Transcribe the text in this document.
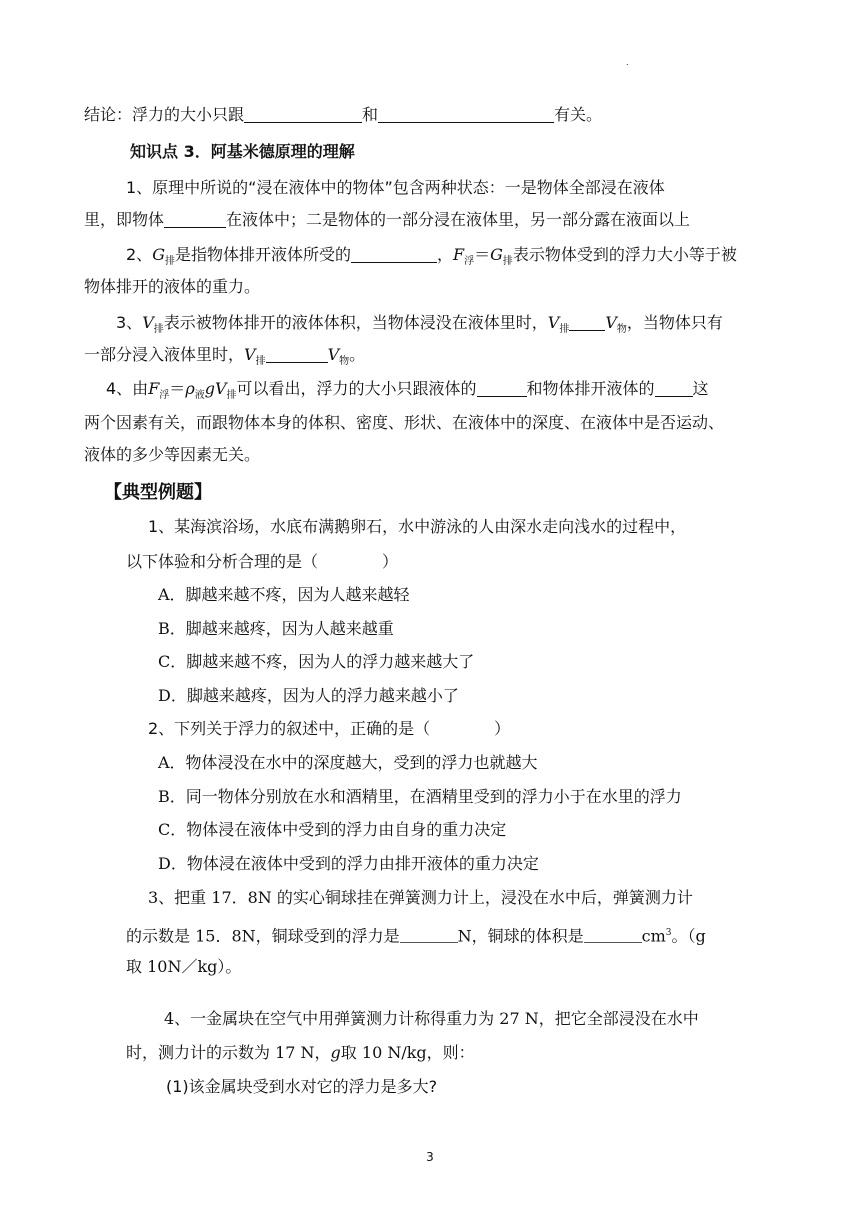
.
结论：浮力的大小只跟	和	有关。
知识点 3．阿基米德原理的理解
1、原理中所说的“浸在液体中的物体”包含两种状态：一是物体全部浸在液体
里，即物体	在液体中；二是物体的一部分浸在液体里，另一部分露在液面以上
2、$G_排$是指物体排开液体所受的	，$F_浮=G_排$表示物体受到的浮力大小等于被
物体排开的液体的重力。
3、$V_排$表示被物体排开的液体体积，当物体浸没在液体里时，$V_排$ $V_物$，当物体只有
一部分浸入液体里时，$V_排$	$V_物$。
4、由$F_浮=\rho_液gV_排$可以看出，浮力的大小只跟液体的	和物体排开液体的 这
两个因素有关，而跟物体本身的体积、密度、形状、在液体中的深度、在液体中是否运动、
液体的多少等因素无关。
【典型例题】
1、某海滨浴场，水底布满鹅卵石，水中游泳的人由深水走向浅水的过程中，
以下体验和分析合理的是（　　　　）
A．脚越来越不疼，因为人越来越轻
B．脚越来越疼，因为人越来越重
C．脚越来越不疼，因为人的浮力越来越大了
D．脚越来越疼，因为人的浮力越来越小了
2、下列关于浮力的叙述中，正确的是（　　　　）
A．物体浸没在水中的深度越大，受到的浮力也就越大
B．同一物体分别放在水和酒精里，在酒精里受到的浮力小于在水里的浮力
C．物体浸在液体中受到的浮力由自身的重力决定
D．物体浸在液体中受到的浮力由排开液体的重力决定
3、把重 17．8N 的实心铜球挂在弹簧测力计上，浸没在水中后，弹簧测力计
的示数是 15．8N，铜球受到的浮力是	N，铜球的体积是	$cm^3$。（g
取 10N／kg）。
4、一金属块在空气中用弹簧测力计称得重力为 27 N，把它全部浸没在水中
时，测力计的示数为 17 N，g取 10 N/kg，则：
(1)该金属块受到水对它的浮力是多大?
3
